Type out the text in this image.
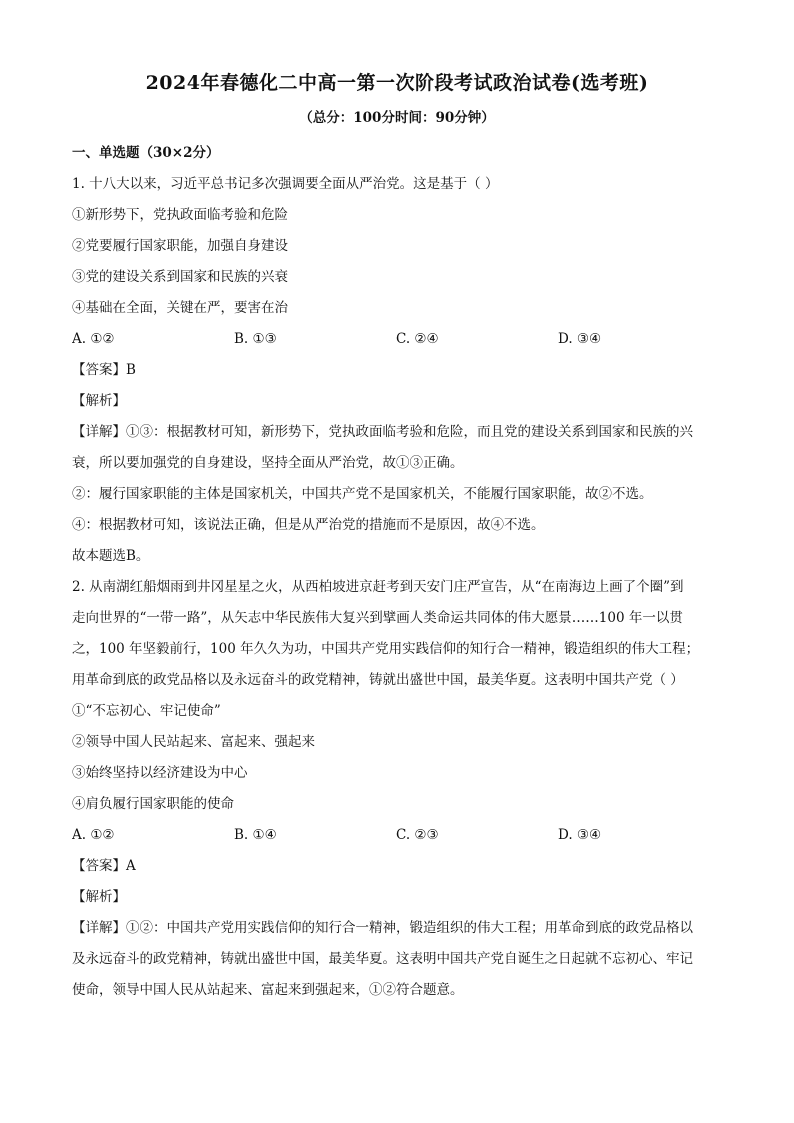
2024年春德化二中高一第一次阶段考试政治试卷(选考班)
（总分：100分时间：90分钟）
一、单选题（30×2分）
1. 十八大以来，习近平总书记多次强调要全面从严治党。这是基于（ ）
①新形势下，党执政面临考验和危险
②党要履行国家职能，加强自身建设
③党的建设关系到国家和民族的兴衰
④基础在全面，关键在严，要害在治
A. ①②	B. ①③	C. ②④	D. ③④
【答案】B
【解析】
【详解】①③：根据教材可知，新形势下，党执政面临考验和危险，而且党的建设关系到国家和民族的兴
衰，所以要加强党的自身建设，坚持全面从严治党，故①③正确。
②：履行国家职能的主体是国家机关，中国共产党不是国家机关，不能履行国家职能，故②不选。
④：根据教材可知，该说法正确，但是从严治党的措施而不是原因，故④不选。
故本题选B。
2. 从南湖红船烟雨到井冈星星之火，从西柏坡进京赶考到天安门庄严宣告，从“在南海边上画了个圈”到
走向世界的“一带一路”，从矢志中华民族伟大复兴到擘画人类命运共同体的伟大愿景……100 年一以贯
之，100 年坚毅前行，100 年久久为功，中国共产党用实践信仰的知行合一精神，锻造组织的伟大工程；
用革命到底的政党品格以及永远奋斗的政党精神，铸就出盛世中国，最美华夏。这表明中国共产党（ ）
①“不忘初心、牢记使命”
②领导中国人民站起来、富起来、强起来
③始终坚持以经济建设为中心
④肩负履行国家职能的使命
A. ①②	B. ①④	C. ②③	D. ③④
【答案】A
【解析】
【详解】①②：中国共产党用实践信仰的知行合一精神，锻造组织的伟大工程；用革命到底的政党品格以
及永远奋斗的政党精神，铸就出盛世中国，最美华夏。这表明中国共产党自诞生之日起就不忘初心、牢记
使命，领导中国人民从站起来、富起来到强起来，①②符合题意。
